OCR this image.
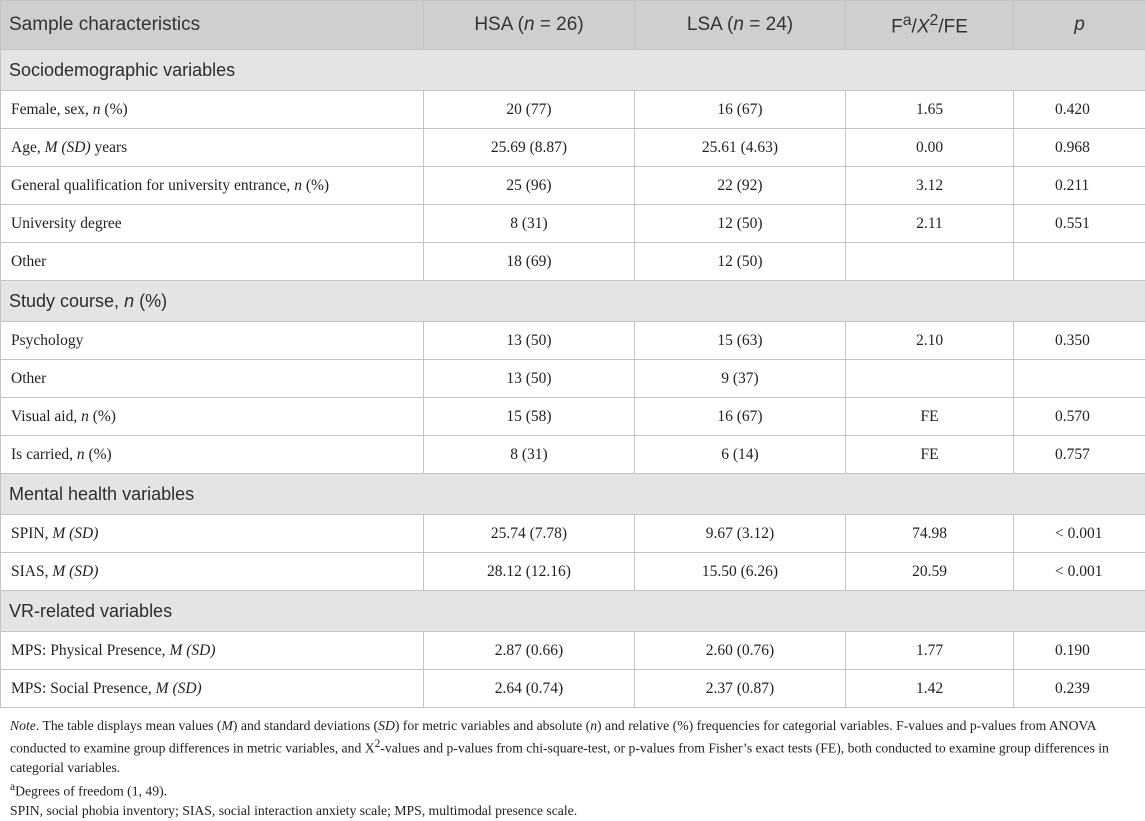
Sample characteristics	HSA (n = 26)	LSA (n = 24)	$F^a/X^2/FE$	p
Sociodemographic variables				
Female, sex, n (%)	20 (77)	16 (67)	1.65	0.420
Age, M (SD) years	25.69 (8.87)	25.61 (4.63)	0.00	0.968
General qualification for university entrance, n (%)	25 (96)	22 (92)	3.12	0.211
University degree	8 (31)	12 (50)	2.11	0.551
Other	18 (69)	12 (50)		
Study course, n (%)				
Psychology	13 (50)	15 (63)	2.10	0.350
Other	13 (50)	9 (37)		
Visual aid, n (%)	15 (58)	16 (67)	FE	0.570
Is carried, n (%)	8 (31)	6 (14)	FE	0.757
Mental health variables				
SPIN, M (SD)	25.74 (7.78)	9.67 (3.12)	74.98	< 0.001
SIAS, M (SD)	28.12 (12.16)	15.50 (6.26)	20.59	< 0.001
VR-related variables				
MPS: Physical Presence, M (SD)	2.87 (0.66)	2.60 (0.76)	1.77	0.190
MPS: Social Presence, M (SD)	2.64 (0.74)	2.37 (0.87)	1.42	0.239

Note. The table displays mean values (M) and standard deviations (SD) for metric variables and absolute (n) and relative (%) frequencies for categorial variables. F-values and p-values from ANOVA conducted to examine group differences in metric variables, and $X^2$-values and p-values from chi-square-test, or p-values from Fisher’s exact tests (FE), both conducted to examine group differences in categorial variables.

$^a$Degrees of freedom (1, 49).

SPIN, social phobia inventory; SIAS, social interaction anxiety scale; MPS, multimodal presence scale.
